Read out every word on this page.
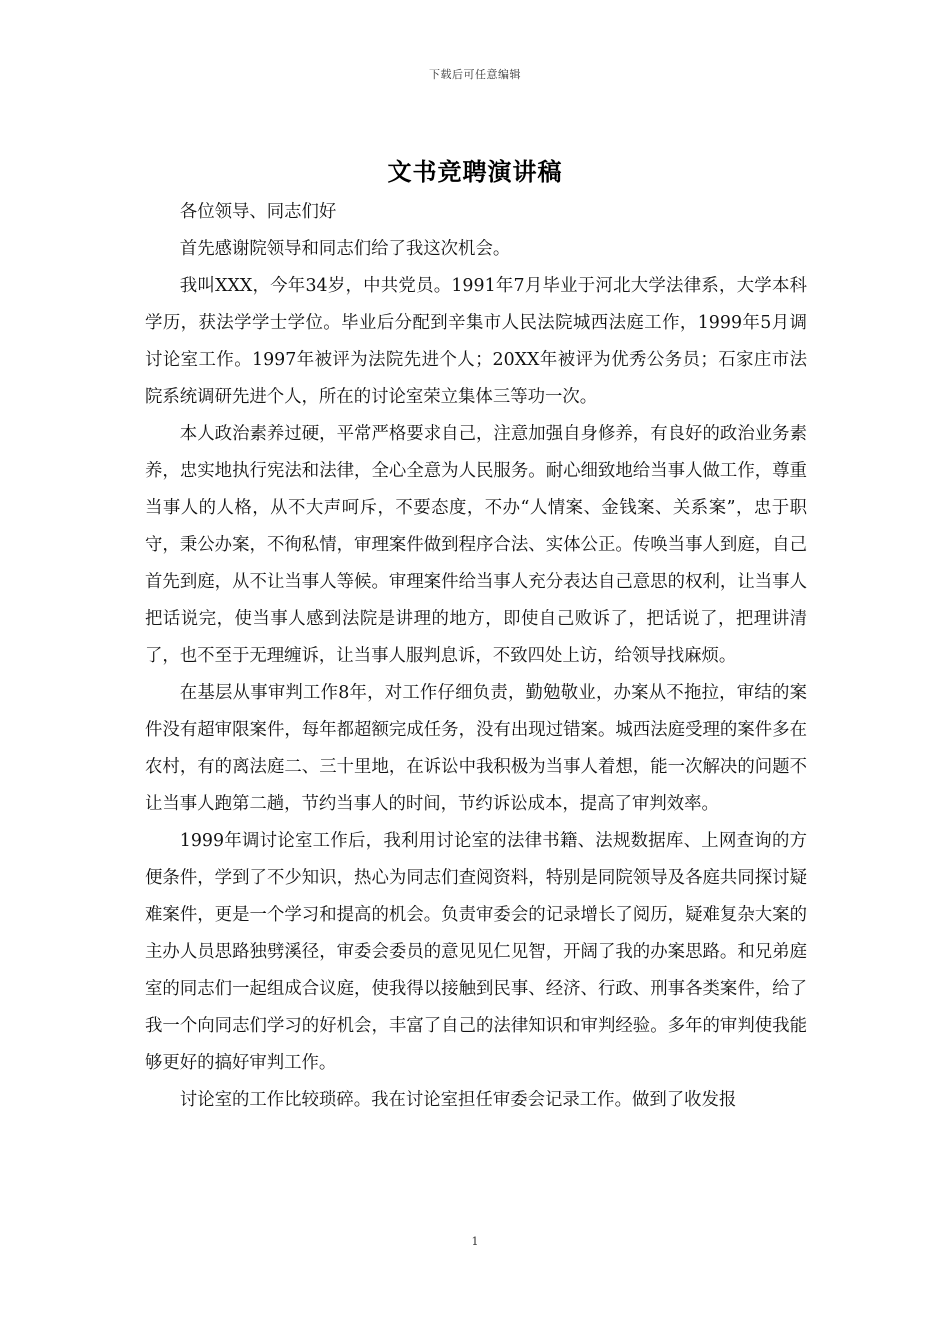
下载后可任意编辑
文书竞聘演讲稿

各位领导、同志们好

首先感谢院领导和同志们给了我这次机会。

我叫XXX，今年34岁，中共党员。1991年7月毕业于河北大学法律系，大学本科学历，获法学学士学位。毕业后分配到辛集市人民法院城西法庭工作，1999年5月调讨论室工作。1997年被评为法院先进个人；20XX年被评为优秀公务员；石家庄市法院系统调研先进个人，所在的讨论室荣立集体三等功一次。

本人政治素养过硬，平常严格要求自己，注意加强自身修养，有良好的政治业务素养，忠实地执行宪法和法律，全心全意为人民服务。耐心细致地给当事人做工作，尊重当事人的人格，从不大声呵斥，不要态度，不办“人情案、金钱案、关系案”，忠于职守，秉公办案，不徇私情，审理案件做到程序合法、实体公正。传唤当事人到庭，自己首先到庭，从不让当事人等候。审理案件给当事人充分表达自己意思的权利，让当事人把话说完，使当事人感到法院是讲理的地方，即使自己败诉了，把话说了，把理讲清了，也不至于无理缠诉，让当事人服判息诉，不致四处上访，给领导找麻烦。

在基层从事审判工作8年，对工作仔细负责，勤勉敬业，办案从不拖拉，审结的案件没有超审限案件，每年都超额完成任务，没有出现过错案。城西法庭受理的案件多在农村，有的离法庭二、三十里地，在诉讼中我积极为当事人着想，能一次解决的问题不让当事人跑第二趟，节约当事人的时间，节约诉讼成本，提高了审判效率。

1999年调讨论室工作后，我利用讨论室的法律书籍、法规数据库、上网查询的方便条件，学到了不少知识，热心为同志们查阅资料，特别是同院领导及各庭共同探讨疑难案件，更是一个学习和提高的机会。负责审委会的记录增长了阅历，疑难复杂大案的主办人员思路独劈溪径，审委会委员的意见见仁见智，开阔了我的办案思路。和兄弟庭室的同志们一起组成合议庭，使我得以接触到民事、经济、行政、刑事各类案件，给了我一个向同志们学习的好机会，丰富了自己的法律知识和审判经验。多年的审判使我能够更好的搞好审判工作。

讨论室的工作比较琐碎。我在讨论室担任审委会记录工作。做到了收发报

1
